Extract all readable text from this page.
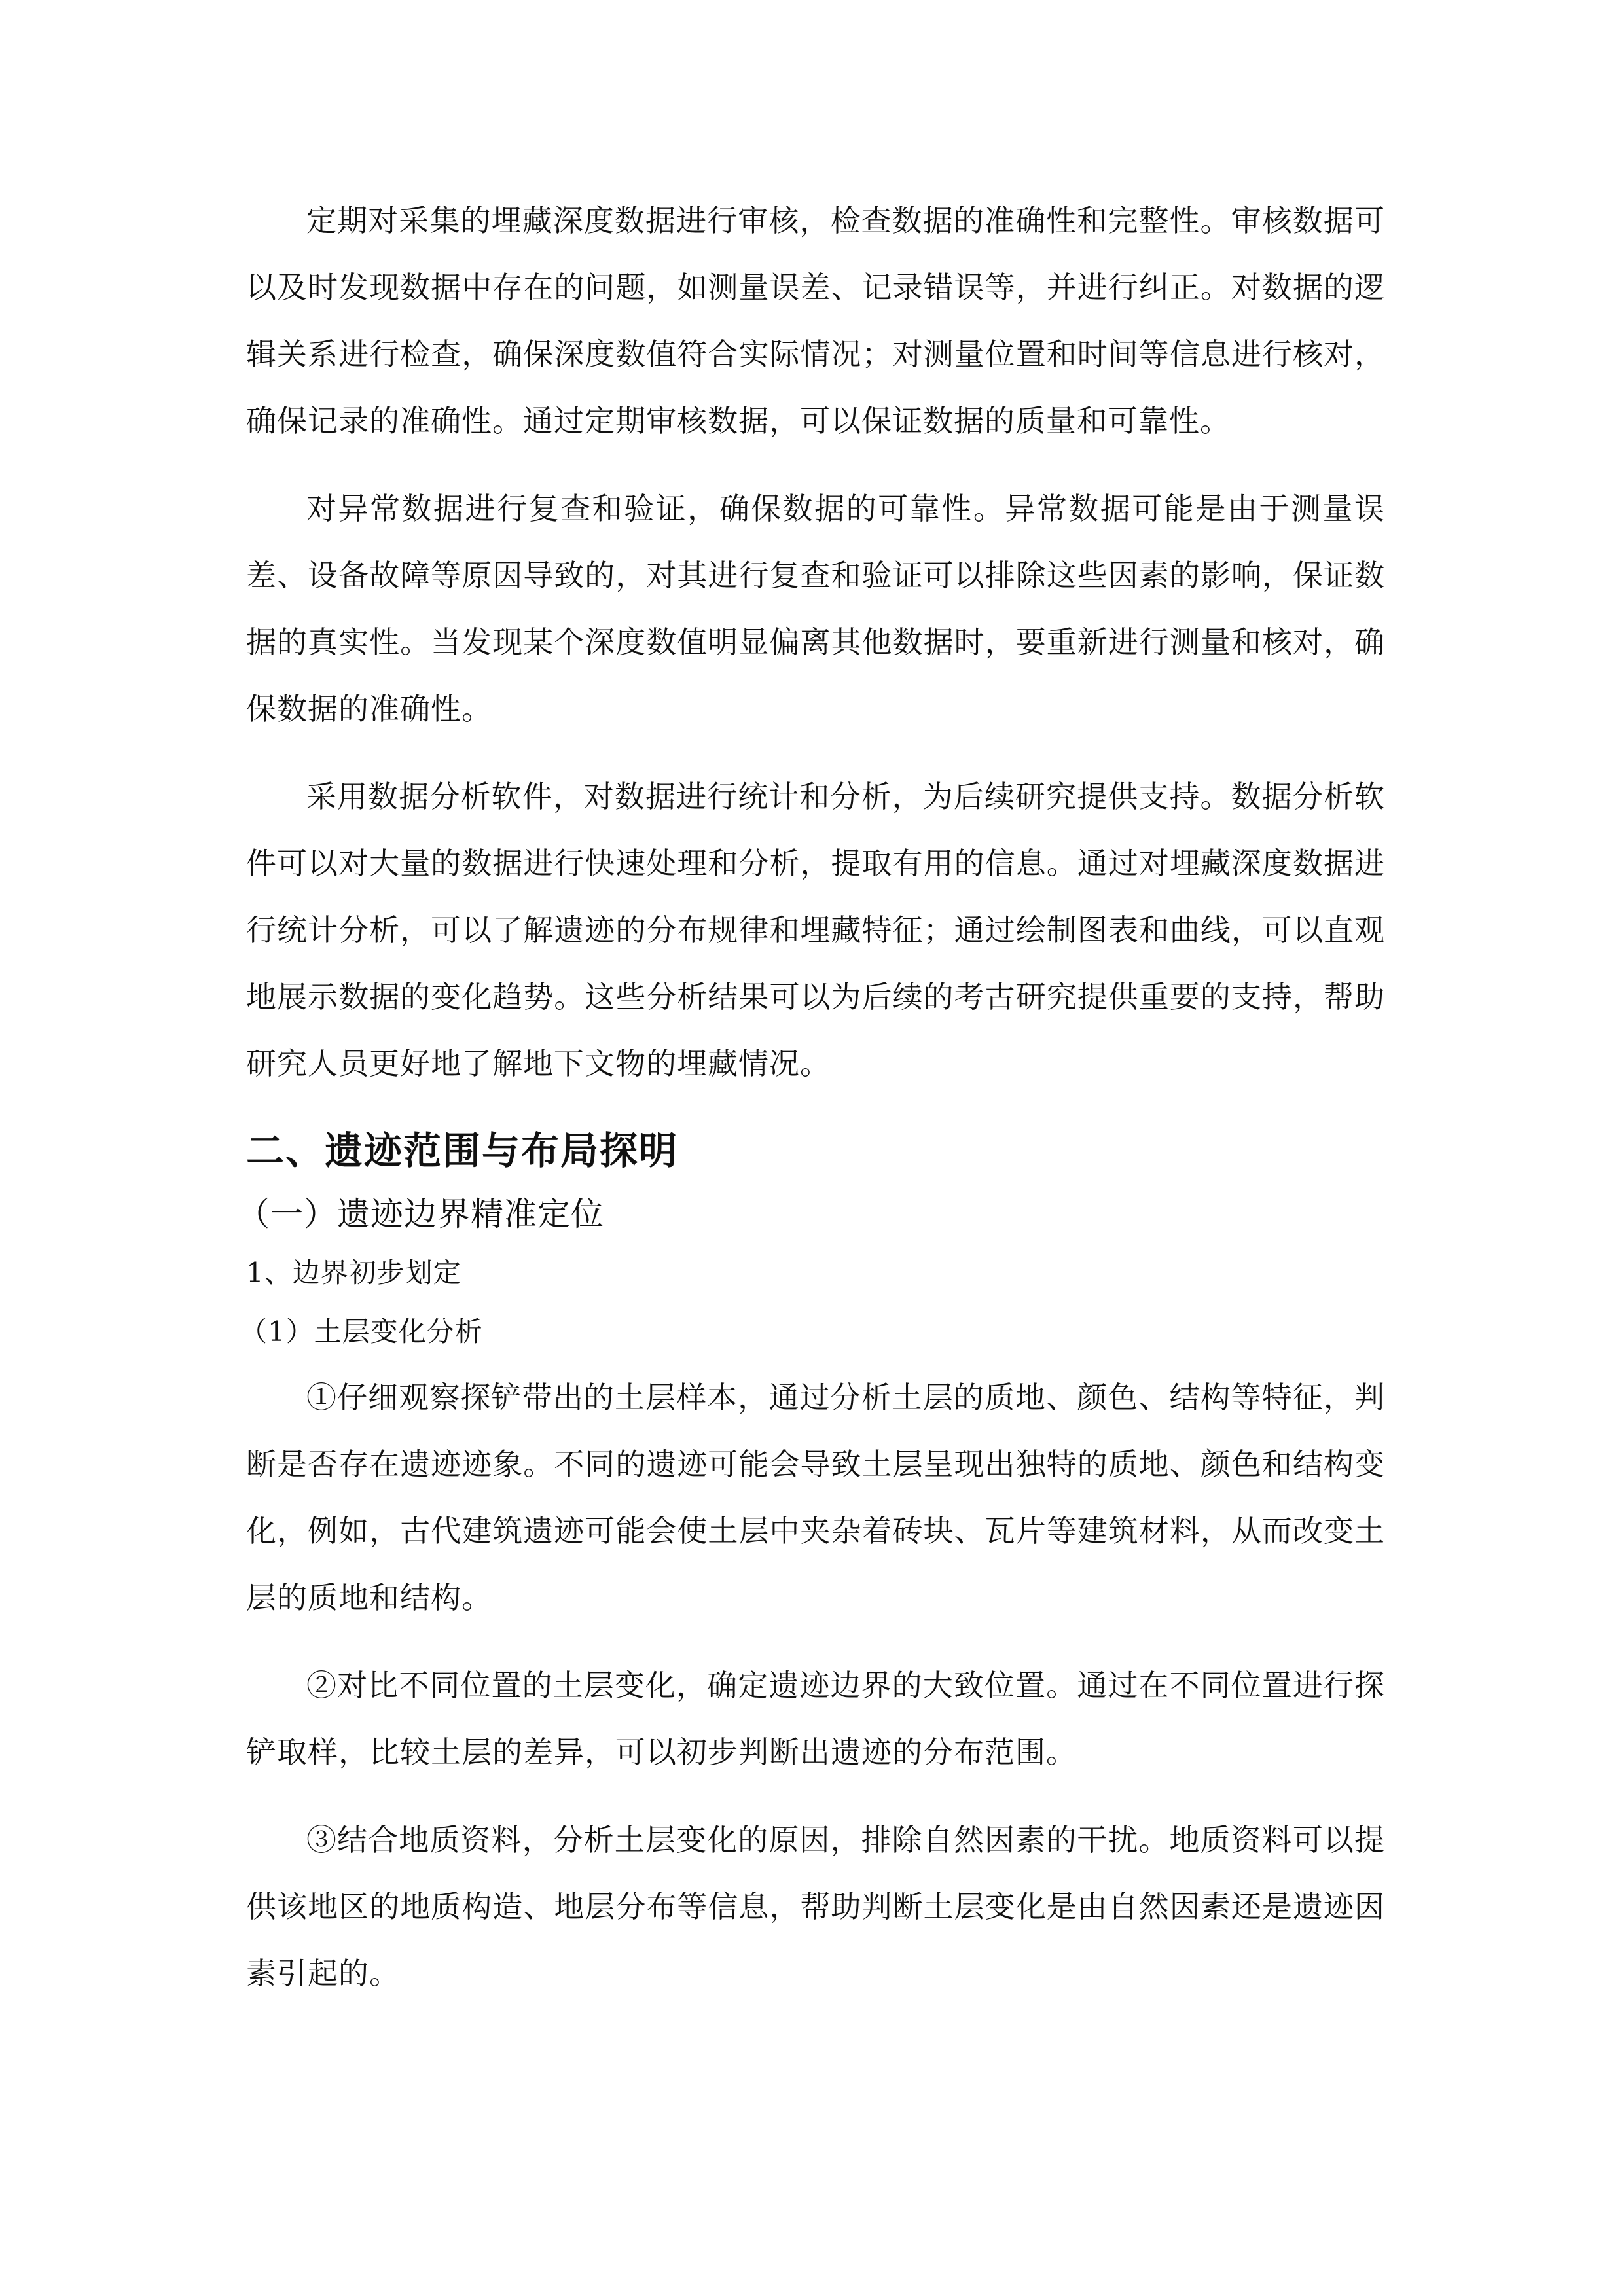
定期对采集的埋藏深度数据进行审核，检查数据的准确性和完整性。审核数据可以及时发现数据中存在的问题，如测量误差、记录错误等，并进行纠正。对数据的逻辑关系进行检查，确保深度数值符合实际情况；对测量位置和时间等信息进行核对，确保记录的准确性。通过定期审核数据，可以保证数据的质量和可靠性。

对异常数据进行复查和验证，确保数据的可靠性。异常数据可能是由于测量误差、设备故障等原因导致的，对其进行复查和验证可以排除这些因素的影响，保证数据的真实性。当发现某个深度数值明显偏离其他数据时，要重新进行测量和核对，确保数据的准确性。

采用数据分析软件，对数据进行统计和分析，为后续研究提供支持。数据分析软件可以对大量的数据进行快速处理和分析，提取有用的信息。通过对埋藏深度数据进行统计分析，可以了解遗迹的分布规律和埋藏特征；通过绘制图表和曲线，可以直观地展示数据的变化趋势。这些分析结果可以为后续的考古研究提供重要的支持，帮助研究人员更好地了解地下文物的埋藏情况。

二、遗迹范围与布局探明
（一）遗迹边界精准定位
1、边界初步划定
（1）土层变化分析

①仔细观察探铲带出的土层样本，通过分析土层的质地、颜色、结构等特征，判断是否存在遗迹迹象。不同的遗迹可能会导致土层呈现出独特的质地、颜色和结构变化，例如，古代建筑遗迹可能会使土层中夹杂着砖块、瓦片等建筑材料，从而改变土层的质地和结构。

②对比不同位置的土层变化，确定遗迹边界的大致位置。通过在不同位置进行探铲取样，比较土层的差异，可以初步判断出遗迹的分布范围。

③结合地质资料，分析土层变化的原因，排除自然因素的干扰。地质资料可以提供该地区的地质构造、地层分布等信息，帮助判断土层变化是由自然因素还是遗迹因素引起的。
